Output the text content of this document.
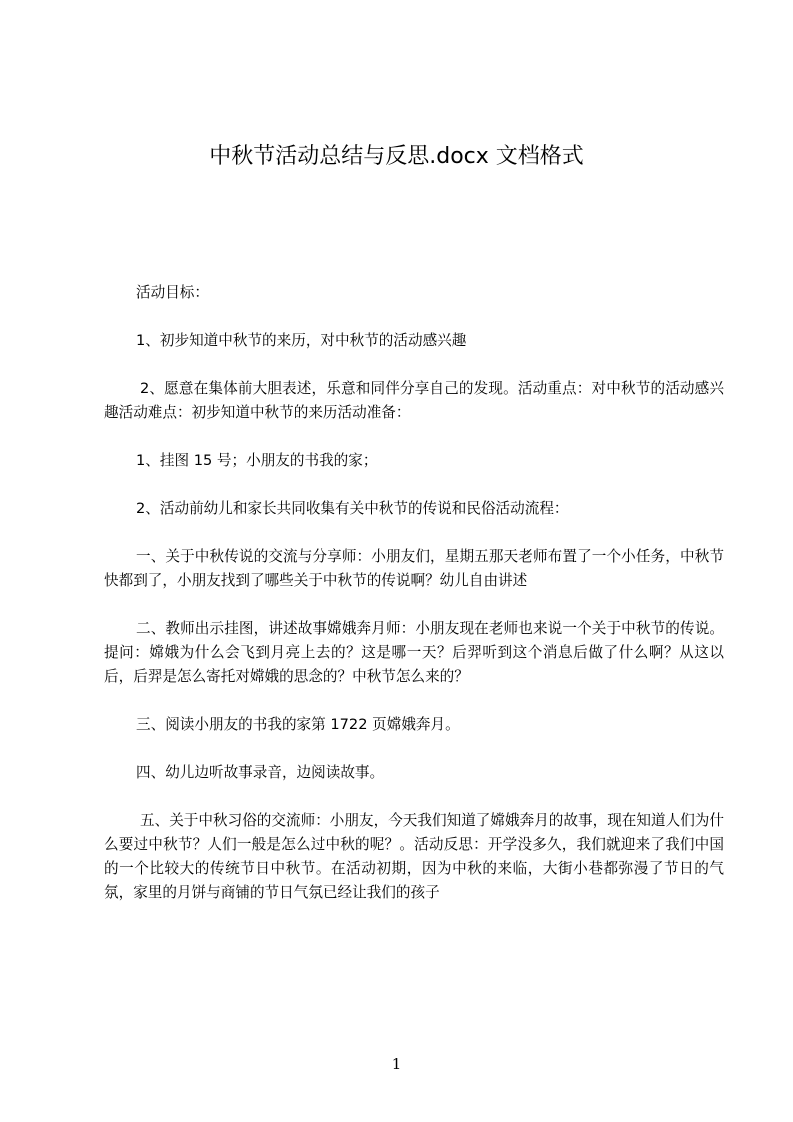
中秋节活动总结与反思.docx 文档格式

活动目标：

1、初步知道中秋节的来历，对中秋节的活动感兴趣

2、愿意在集体前大胆表述，乐意和同伴分享自己的发现。活动重点：对中秋节的活动感兴趣活动难点：初步知道中秋节的来历活动准备：

1、挂图 15 号；小朋友的书我的家；

2、活动前幼儿和家长共同收集有关中秋节的传说和民俗活动流程：

一、关于中秋传说的交流与分享师：小朋友们，星期五那天老师布置了一个小任务，中秋节快都到了，小朋友找到了哪些关于中秋节的传说啊？幼儿自由讲述

二、教师出示挂图，讲述故事嫦娥奔月师：小朋友现在老师也来说一个关于中秋节的传说。提问：嫦娥为什么会飞到月亮上去的？这是哪一天？后羿听到这个消息后做了什么啊？从这以后，后羿是怎么寄托对嫦娥的思念的？中秋节怎么来的？

三、阅读小朋友的书我的家第 1722 页嫦娥奔月。

四、幼儿边听故事录音，边阅读故事。

五、关于中秋习俗的交流师：小朋友，今天我们知道了嫦娥奔月的故事，现在知道人们为什么要过中秋节？人们一般是怎么过中秋的呢？。活动反思：开学没多久，我们就迎来了我们中国的一个比较大的传统节日中秋节。在活动初期，因为中秋的来临，大街小巷都弥漫了节日的气氛，家里的月饼与商铺的节日气氛已经让我们的孩子

1
